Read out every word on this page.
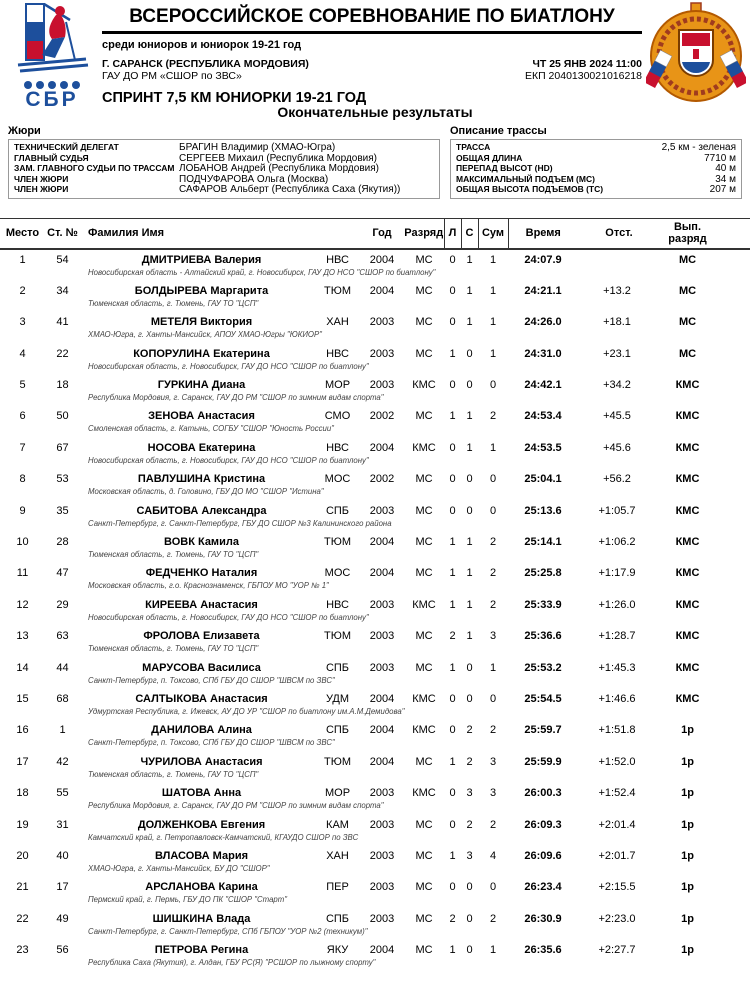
СБР
ВСЕРОССИЙСКОЕ СОРЕВНОВАНИЕ ПО БИАТЛОНУ
среди юниоров и юниорок 19-21 год
Г. САРАНСК (РЕСПУБЛИКА МОРДОВИЯ)
ГАУ ДО РМ «СШОР по ЗВС»
ЧТ 25 ЯНВ 2024 11:00
ЕКП 2040130021016218
СПРИНТ 7,5 КМ ЮНИОРКИ 19-21 ГОД
Окончательные результаты
Жюри
ТЕХНИЧЕСКИЙ ДЕЛЕГАТ	БРАГИН Владимир (ХМАО-Югра)
ГЛАВНЫЙ СУДЬЯ	СЕРГЕЕВ Михаил (Республика Мордовия)
ЗАМ. ГЛАВНОГО СУДЬИ ПО ТРАССАМ ЛОБАНОВ Андрей (Республика Мордовия)
ЧЛЕН ЖЮРИ	ПОДЧУФАРОВА Ольга (Москва)
ЧЛЕН ЖЮРИ	САФАРОВ Альберт (Республика Саха (Якутия))
Описание трассы
ТРАССА	2,5 км - зеленая
ОБЩАЯ ДЛИНА	7710 м
ПЕРЕПАД ВЫСОТ (HD)	40 м
МАКСИМАЛЬНЫЙ ПОДЪЕМ (МС)	34 м
ОБЩАЯ ВЫСОТА ПОДЪЕМОВ (ТС)	207 м
Место	Ст. №	Фамилия Имя		Год	Разряд	Л	С	Сум	Время	Отст.	Вып. разряд	
1	54	ДМИТРИЕВА Валерия	НВС	2004	МС	0	1	1	24:07.9		МС	
		Новосибирская область - Алтайский край, г. Новосибирск, ГАУ ДО НСО "СШОР по биатлону"										
2	34	БОЛДЫРЕВА Маргарита	ТЮМ	2004	МС	0	1	1	24:21.1	+13.2	МС	
		Тюменская область, г. Тюмень, ГАУ ТО "ЦСП"										
3	41	МЕТЕЛЯ Виктория	ХАН	2003	МС	0	1	1	24:26.0	+18.1	МС	
		ХМАО-Югра, г. Ханты-Мансийск, АПОУ ХМАО-Югры "ЮКИОР"										
4	22	КОПОРУЛИНА Екатерина	НВС	2003	МС	1	0	1	24:31.0	+23.1	МС	
		Новосибирская область, г. Новосибирск, ГАУ ДО НСО "СШОР по биатлону"										
5	18	ГУРКИНА Диана	МОР	2003	КМС	0	0	0	24:42.1	+34.2	КМС	
		Республика Мордовия, г. Саранск, ГАУ ДО РМ "СШОР по зимним видам спорта"										
6	50	ЗЕНОВА Анастасия	СМО	2002	МС	1	1	2	24:53.4	+45.5	КМС	
		Смоленская область, г. Катынь, СОГБУ "СШОР "Юность России"										
7	67	НОСОВА Екатерина	НВС	2004	КМС	0	1	1	24:53.5	+45.6	КМС	
		Новосибирская область, г. Новосибирск, ГАУ ДО НСО "СШОР по биатлону"										
8	53	ПАВЛУШИНА Кристина	МОС	2002	МС	0	0	0	25:04.1	+56.2	КМС	
		Московская область, д. Головино, ГБУ ДО МО "СШОР "Истина"										
9	35	САБИТОВА Александра	СПБ	2003	МС	0	0	0	25:13.6	+1:05.7	КМС	
		Санкт-Петербург, г. Санкт-Петербург, ГБУ ДО СШОР №3 Калининского района										
10	28	ВОВК Камила	ТЮМ	2004	МС	1	1	2	25:14.1	+1:06.2	КМС	
		Тюменская область, г. Тюмень, ГАУ ТО "ЦСП"										
11	47	ФЕДЧЕНКО Наталия	МОС	2004	МС	1	1	2	25:25.8	+1:17.9	КМС	
		Московская область, г.о. Краснознаменск, ГБПОУ МО "УОР № 1"										
12	29	КИРЕЕВА Анастасия	НВС	2003	КМС	1	1	2	25:33.9	+1:26.0	КМС	
		Новосибирская область, г. Новосибирск, ГАУ ДО НСО "СШОР по биатлону"										
13	63	ФРОЛОВА Елизавета	ТЮМ	2003	МС	2	1	3	25:36.6	+1:28.7	КМС	
		Тюменская область, г. Тюмень, ГАУ ТО "ЦСП"										
14	44	МАРУСОВА Василиса	СПБ	2003	МС	1	0	1	25:53.2	+1:45.3	КМС	
		Санкт-Петербург, п. Токсово, СПб ГБУ ДО СШОР "ШВСМ по ЗВС"										
15	68	САЛТЫКОВА Анастасия	УДМ	2004	КМС	0	0	0	25:54.5	+1:46.6	КМС	
		Удмуртская Республика, г. Ижевск, АУ ДО УР "СШОР по биатлону им.А.М.Демидова"										
16	1	ДАНИЛОВА Алина	СПБ	2004	КМС	0	2	2	25:59.7	+1:51.8	1р	
		Санкт-Петербург, п. Токсово, СПб ГБУ ДО СШОР "ШВСМ по ЗВС"										
17	42	ЧУРИЛОВА Анастасия	ТЮМ	2004	МС	1	2	3	25:59.9	+1:52.0	1р	
		Тюменская область, г. Тюмень, ГАУ ТО "ЦСП"										
18	55	ШАТОВА Анна	МОР	2003	КМС	0	3	3	26:00.3	+1:52.4	1р	
		Республика Мордовия, г. Саранск, ГАУ ДО РМ "СШОР по зимним видам спорта"										
19	31	ДОЛЖЕНКОВА Евгения	КАМ	2003	МС	0	2	2	26:09.3	+2:01.4	1р	
		Камчатский край, г. Петропавловск-Камчатский, КГАУДО СШОР по ЗВС										
20	40	ВЛАСОВА Мария	ХАН	2003	МС	1	3	4	26:09.6	+2:01.7	1р	
		ХМАО-Югра, г. Ханты-Мансийск, БУ ДО "СШОР"										
21	17	АРСЛАНОВА Карина	ПЕР	2003	МС	0	0	0	26:23.4	+2:15.5	1р	
		Пермский край, г. Пермь, ГБУ ДО ПК "СШОР "Старт"										
22	49	ШИШКИНА Влада	СПБ	2003	МС	2	0	2	26:30.9	+2:23.0	1р	
		Санкт-Петербург, г. Санкт-Петербург, СПб ГБПОУ "УОР №2 (техникум)"										
23	56	ПЕТРОВА Регина	ЯКУ	2004	МС	1	0	1	26:35.6	+2:27.7	1р	
		Республика Саха (Якутия), г. Алдан, ГБУ РС(Я) "РСШОР по лыжному спорту"										
